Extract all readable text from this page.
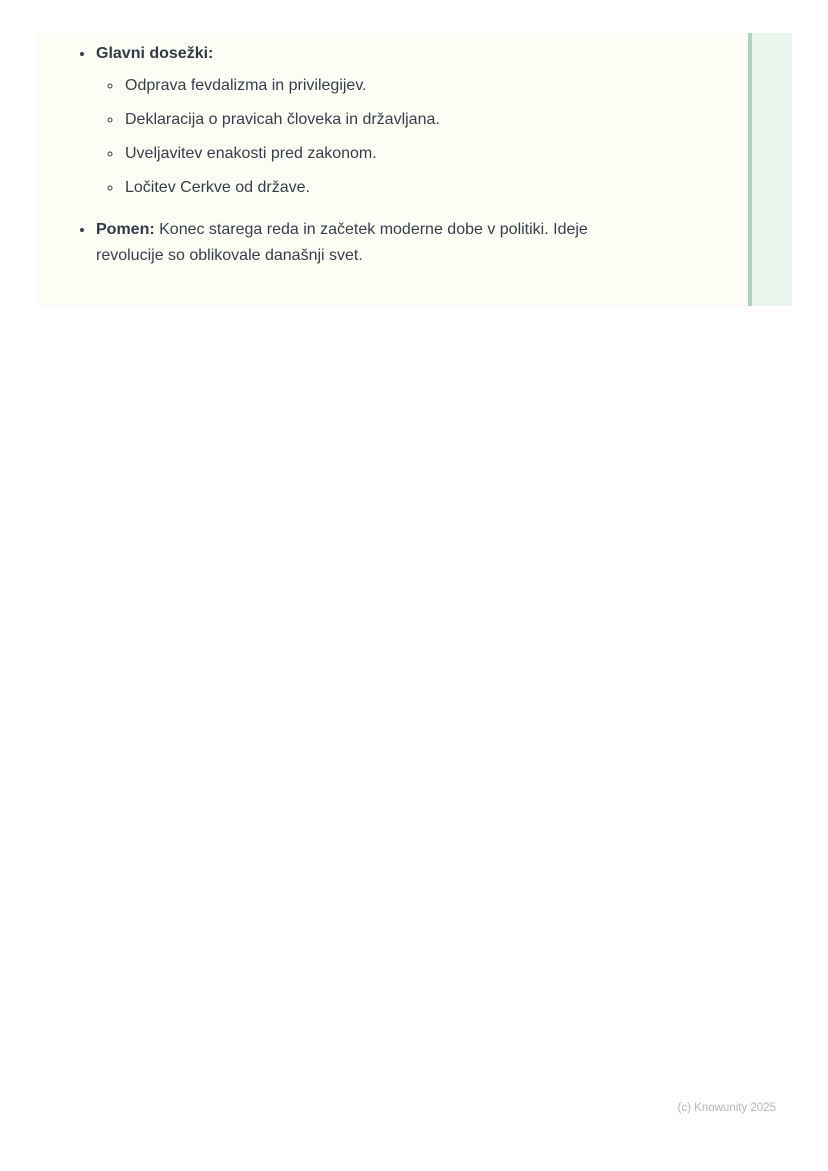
• Glavni dosežki:
◦ Odprava fevdalizma in privilegijev.
◦ Deklaracija o pravicah človeka in državljana.
◦ Uveljavitev enakosti pred zakonom.
◦ Ločitev Cerkve od države.
• Pomen: Konec starega reda in začetek moderne dobe v politiki. Ideje revolucije so oblikovale današnji svet.
(c) Knowunity 2025
